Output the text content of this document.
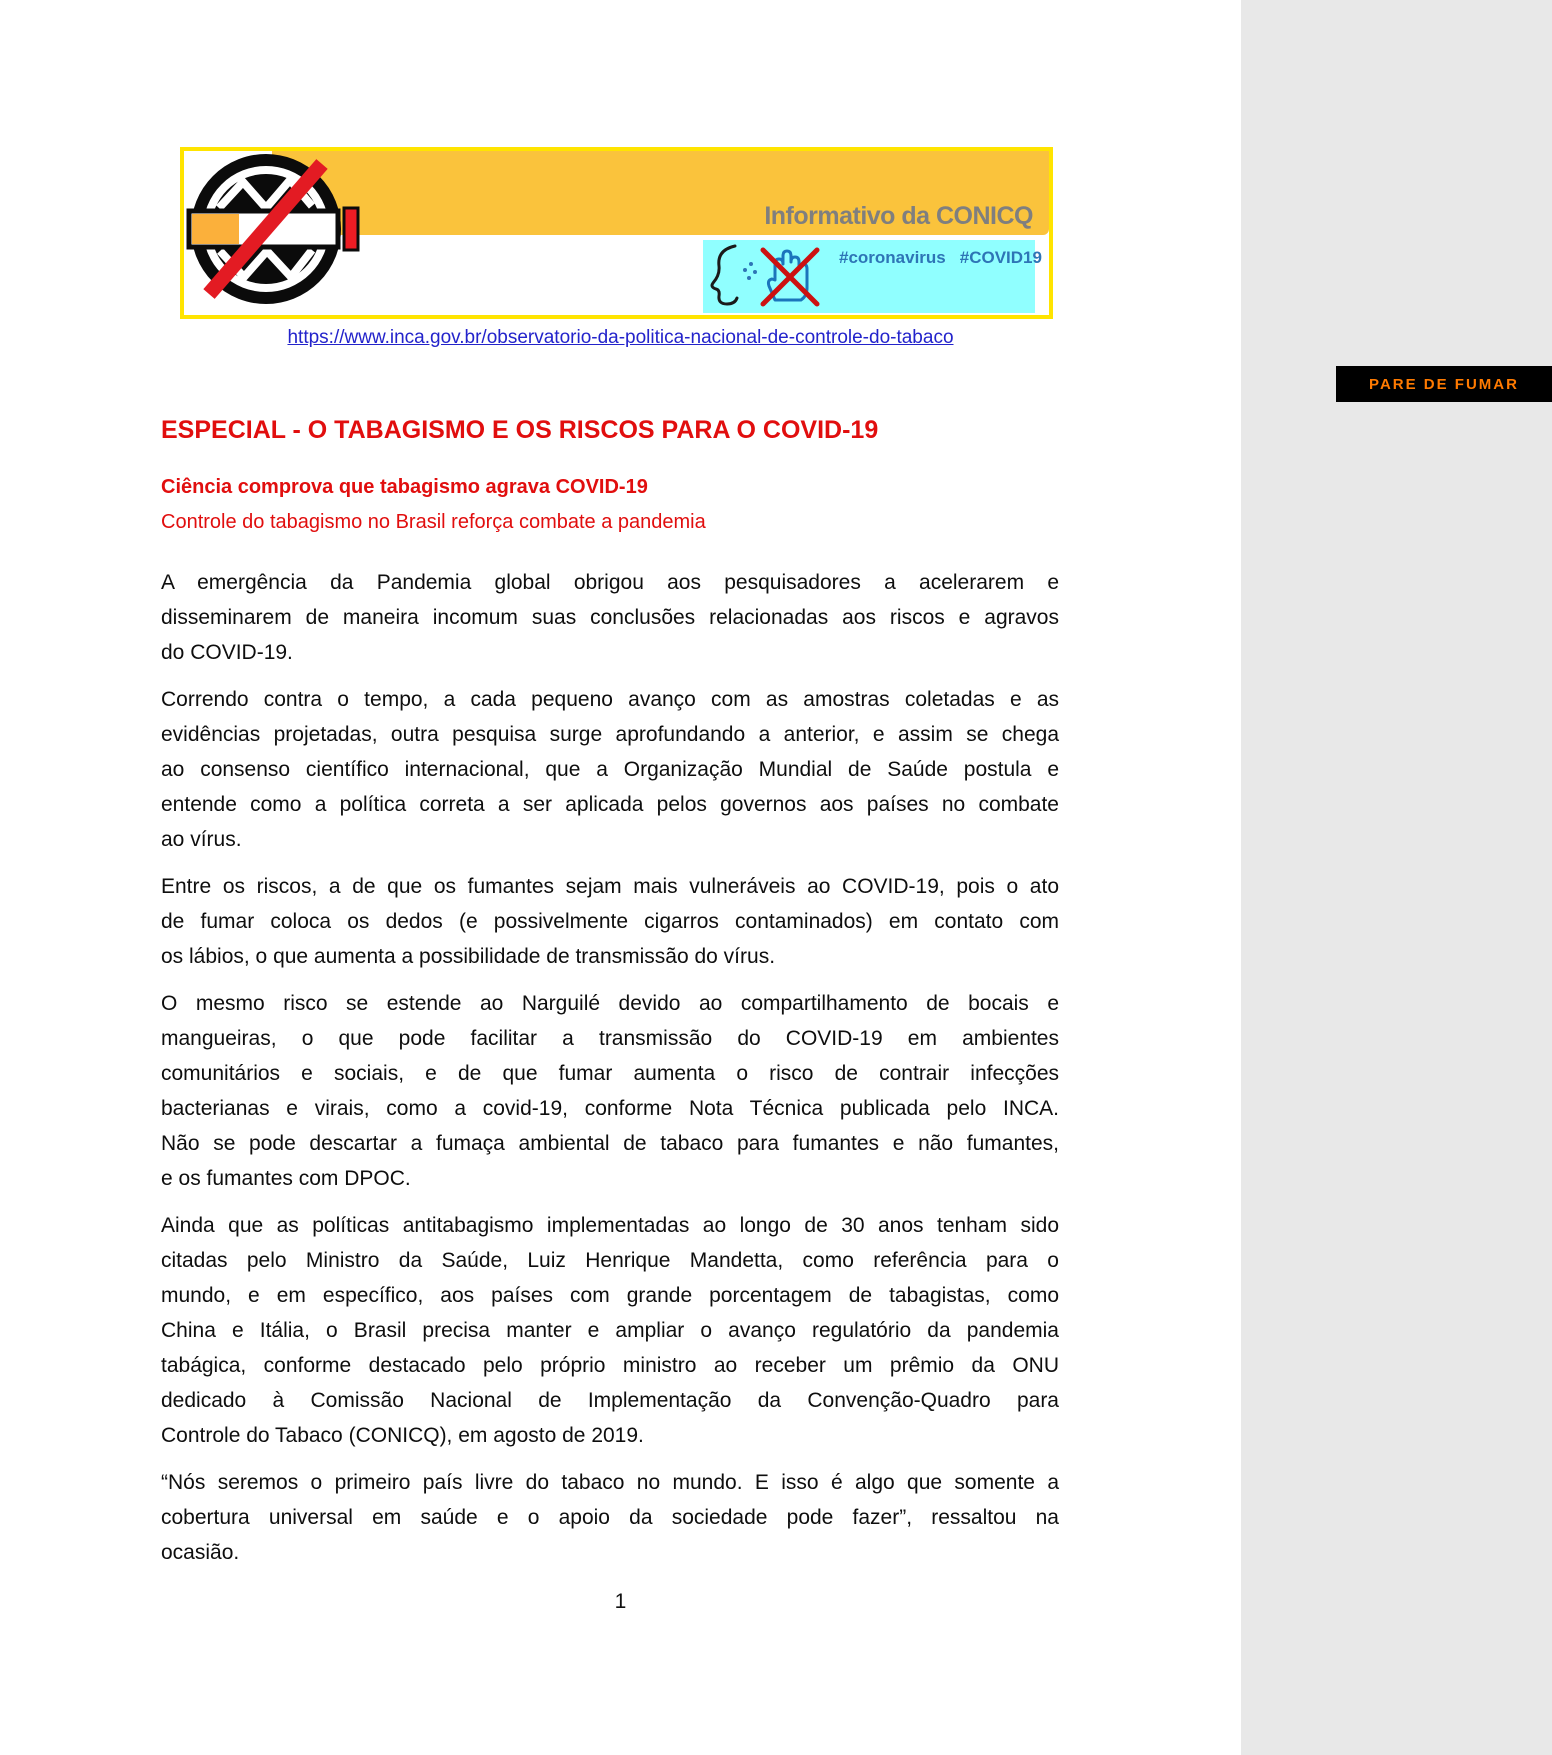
Informativo da CONICQ
#coronavirus #COVID19
PARE DE FUMAR
https://www.inca.gov.br/observatorio-da-politica-nacional-de-controle-do-tabaco
ESPECIAL - O TABAGISMO E OS RISCOS PARA O COVID-19
Ciência comprova que tabagismo agrava COVID-19
Controle do tabagismo no Brasil reforça combate a pandemia
A emergência da Pandemia global obrigou aos pesquisadores a acelerarem e
disseminarem de maneira incomum suas conclusões relacionadas aos riscos e agravos
do COVID-19.
Correndo contra o tempo, a cada pequeno avanço com as amostras coletadas e as
evidências projetadas, outra pesquisa surge aprofundando a anterior, e assim se chega
ao consenso científico internacional, que a Organização Mundial de Saúde postula e
entende como a política correta a ser aplicada pelos governos aos países no combate
ao vírus.
Entre os riscos, a de que os fumantes sejam mais vulneráveis ao COVID-19, pois o ato
de fumar coloca os dedos (e possivelmente cigarros contaminados) em contato com
os lábios, o que aumenta a possibilidade de transmissão do vírus.
O mesmo risco se estende ao Narguilé devido ao compartilhamento de bocais e
mangueiras, o que pode facilitar a transmissão do COVID-19 em ambientes
comunitários e sociais, e de que fumar aumenta o risco de contrair infecções
bacterianas e virais, como a covid-19, conforme Nota Técnica publicada pelo INCA.
Não se pode descartar a fumaça ambiental de tabaco para fumantes e não fumantes,
e os fumantes com DPOC.
Ainda que as políticas antitabagismo implementadas ao longo de 30 anos tenham sido
citadas pelo Ministro da Saúde, Luiz Henrique Mandetta, como referência para o
mundo, e em específico, aos países com grande porcentagem de tabagistas, como
China e Itália, o Brasil precisa manter e ampliar o avanço regulatório da pandemia
tabágica, conforme destacado pelo próprio ministro ao receber um prêmio da ONU
dedicado à Comissão Nacional de Implementação da Convenção-Quadro para
Controle do Tabaco (CONICQ), em agosto de 2019.
“Nós seremos o primeiro país livre do tabaco no mundo. E isso é algo que somente a
cobertura universal em saúde e o apoio da sociedade pode fazer”, ressaltou na
ocasião.
1
